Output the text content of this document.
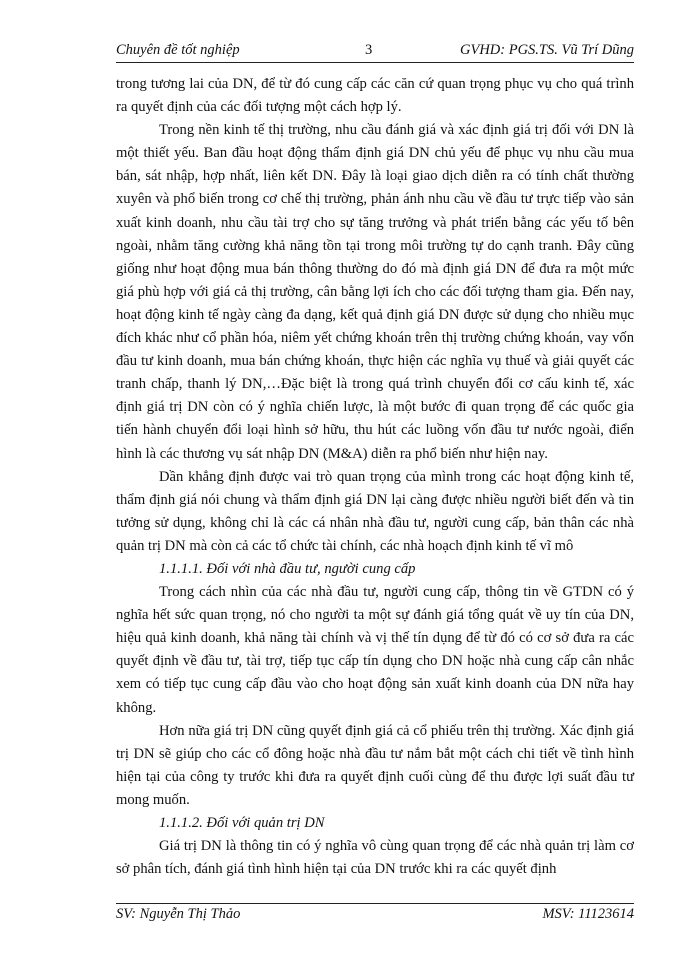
Chuyên đề tốt nghiệp	3	GVHD: PGS.TS. Vũ Trí Dũng

trong tương lai của DN, để từ đó cung cấp các căn cứ quan trọng phục vụ cho quá trình ra quyết định của các đối tượng một cách hợp lý.

Trong nền kinh tế thị trường, nhu cầu đánh giá và xác định giá trị đối với DN là một thiết yếu. Ban đầu hoạt động thẩm định giá DN chủ yếu để phục vụ nhu cầu mua bán, sát nhập, hợp nhất, liên kết DN. Đây là loại giao dịch diễn ra có tính chất thường xuyên và phổ biến trong cơ chế thị trường, phản ánh nhu cầu về đầu tư trực tiếp vào sản xuất kinh doanh, nhu cầu tài trợ cho sự tăng trưởng và phát triển bằng các yếu tố bên ngoài, nhằm tăng cường khả năng tồn tại trong môi trường tự do cạnh tranh. Đây cũng giống như hoạt động mua bán thông thường do đó mà định giá DN để đưa ra một mức giá phù hợp với giá cả thị trường, cân bằng lợi ích cho các đối tượng tham gia. Đến nay, hoạt động kinh tế ngày càng đa dạng, kết quả định giá DN được sử dụng cho nhiều mục đích khác như cổ phần hóa, niêm yết chứng khoán trên thị trường chứng khoán, vay vốn đầu tư kinh doanh, mua bán chứng khoán, thực hiện các nghĩa vụ thuế và giải quyết các tranh chấp, thanh lý DN,…Đặc biệt là trong quá trình chuyển đổi cơ cấu kinh tế, xác định giá trị DN còn có ý nghĩa chiến lược, là một bước đi quan trọng để các quốc gia tiến hành chuyển đổi loại hình sở hữu, thu hút các luồng vốn đầu tư nước ngoài, điển hình là các thương vụ sát nhập DN (M&A) diễn ra phổ biến như hiện nay.

Dần khẳng định được vai trò quan trọng của mình trong các hoạt động kinh tế, thẩm định giá nói chung và thẩm định giá DN lại càng được nhiều người biết đến và tin tưởng sử dụng, không chỉ là các cá nhân nhà đầu tư, người cung cấp, bản thân các nhà quản trị DN mà còn cả các tổ chức tài chính, các nhà hoạch định kinh tế vĩ mô

1.1.1.1. Đối với nhà đầu tư, người cung cấp

Trong cách nhìn của các nhà đầu tư, người cung cấp, thông tin về GTDN có ý nghĩa hết sức quan trọng, nó cho người ta một sự đánh giá tổng quát về uy tín của DN, hiệu quả kinh doanh, khả năng tài chính và vị thế tín dụng để từ đó có cơ sở đưa ra các quyết định về đầu tư, tài trợ, tiếp tục cấp tín dụng cho DN hoặc nhà cung cấp cân nhắc xem có tiếp tục cung cấp đầu vào cho hoạt động sản xuất kinh doanh của DN nữa hay không.

Hơn nữa giá trị DN cũng quyết định giá cả cổ phiếu trên thị trường. Xác định giá trị DN sẽ giúp cho các cổ đông hoặc nhà đầu tư nắm bắt một cách chi tiết về tình hình hiện tại của công ty trước khi đưa ra quyết định cuối cùng để thu được lợi suất đầu tư mong muốn.

1.1.1.2. Đối với quản trị DN

Giá trị DN là thông tin có ý nghĩa vô cùng quan trọng để các nhà quản trị làm cơ sở phân tích, đánh giá tình hình hiện tại của DN trước khi ra các quyết định

SV: Nguyễn Thị Thảo	MSV: 11123614
